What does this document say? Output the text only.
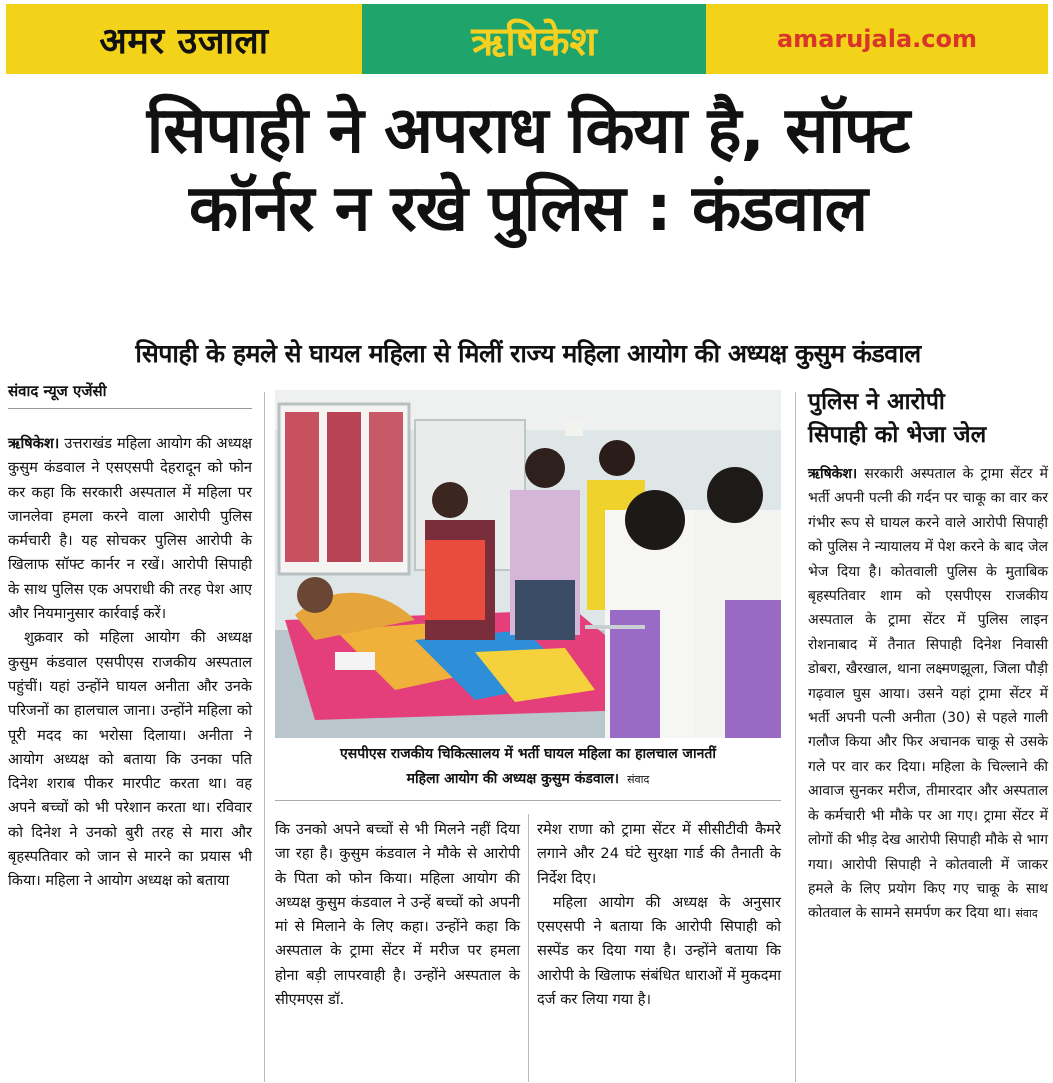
अमर उजाला	ऋषिकेश	amarujala.com
सिपाही ने अपराध किया है, सॉफ्ट
कॉर्नर न रखे पुलिस : कंडवाल
सिपाही के हमले से घायल महिला से मिलीं राज्य महिला आयोग की अध्यक्ष कुसुम कंडवाल
संवाद न्यूज एजेंसी

ऋषिकेश। उत्तराखंड महिला आयोग की अध्यक्ष कुसुम कंडवाल ने एसएसपी देहरादून को फोन कर कहा कि सरकारी अस्पताल में महिला पर जानलेवा हमला करने वाला आरोपी पुलिस कर्मचारी है। यह सोचकर पुलिस आरोपी के खिलाफ सॉफ्ट कार्नर न रखें। आरोपी सिपाही के साथ पुलिस एक अपराधी की तरह पेश आए और नियमानुसार कार्रवाई करें।

शुक्रवार को महिला आयोग की अध्यक्ष कुसुम कंडवाल एसपीएस राजकीय अस्पताल पहुंचीं। यहां उन्होंने घायल अनीता और उनके परिजनों का हालचाल जाना। उन्होंने महिला को पूरी मदद का भरोसा दिलाया। अनीता ने आयोग अध्यक्ष को बताया कि उनका पति दिनेश शराब पीकर मारपीट करता था। वह अपने बच्चों को भी परेशान करता था। रविवार को दिनेश ने उनको बुरी तरह से मारा और बृहस्पतिवार को जान से मारने का प्रयास भी किया। महिला ने आयोग अध्यक्ष को बताया

एसपीएस राजकीय चिकित्सालय में भर्ती घायल महिला का हालचाल जानतीं
महिला आयोग की अध्यक्ष कुसुम कंडवाल। संवाद

कि उनको अपने बच्चों से भी मिलने नहीं दिया जा रहा है। कुसुम कंडवाल ने मौके से आरोपी के पिता को फोन किया। महिला आयोग की अध्यक्ष कुसुम कंडवाल ने उन्हें बच्चों को अपनी मां से मिलाने के लिए कहा। उन्होंने कहा कि अस्पताल के ट्रामा सेंटर में मरीज पर हमला होना बड़ी लापरवाही है। उन्होंने अस्पताल के सीएमएस डॉ.

रमेश राणा को ट्रामा सेंटर में सीसीटीवी कैमरे लगाने और 24 घंटे सुरक्षा गार्ड की तैनाती के निर्देश दिए।

महिला आयोग की अध्यक्ष के अनुसार एसएसपी ने बताया कि आरोपी सिपाही को सस्पेंड कर दिया गया है। उन्होंने बताया कि आरोपी के खिलाफ संबंधित धाराओं में मुकदमा दर्ज कर लिया गया है।

पुलिस ने आरोपी
सिपाही को भेजा जेल

ऋषिकेश। सरकारी अस्पताल के ट्रामा सेंटर में भर्ती अपनी पत्नी की गर्दन पर चाकू का वार कर गंभीर रूप से घायल करने वाले आरोपी सिपाही को पुलिस ने न्यायालय में पेश करने के बाद जेल भेज दिया है। कोतवाली पुलिस के मुताबिक बृहस्पतिवार शाम को एसपीएस राजकीय अस्पताल के ट्रामा सेंटर में पुलिस लाइन रोशनाबाद में तैनात सिपाही दिनेश निवासी डोबरा, खैरखाल, थाना लक्ष्मणझूला, जिला पौड़ी गढ़वाल घुस आया। उसने यहां ट्रामा सेंटर में भर्ती अपनी पत्नी अनीता (30) से पहले गाली गलौज किया और फिर अचानक चाकू से उसके गले पर वार कर दिया। महिला के चिल्लाने की आवाज सुनकर मरीज, तीमारदार और अस्पताल के कर्मचारी भी मौके पर आ गए। ट्रामा सेंटर में लोगों की भीड़ देख आरोपी सिपाही मौके से भाग गया। आरोपी सिपाही ने कोतवाली में जाकर हमले के लिए प्रयोग किए गए चाकू के साथ कोतवाल के सामने समर्पण कर दिया था। संवाद
